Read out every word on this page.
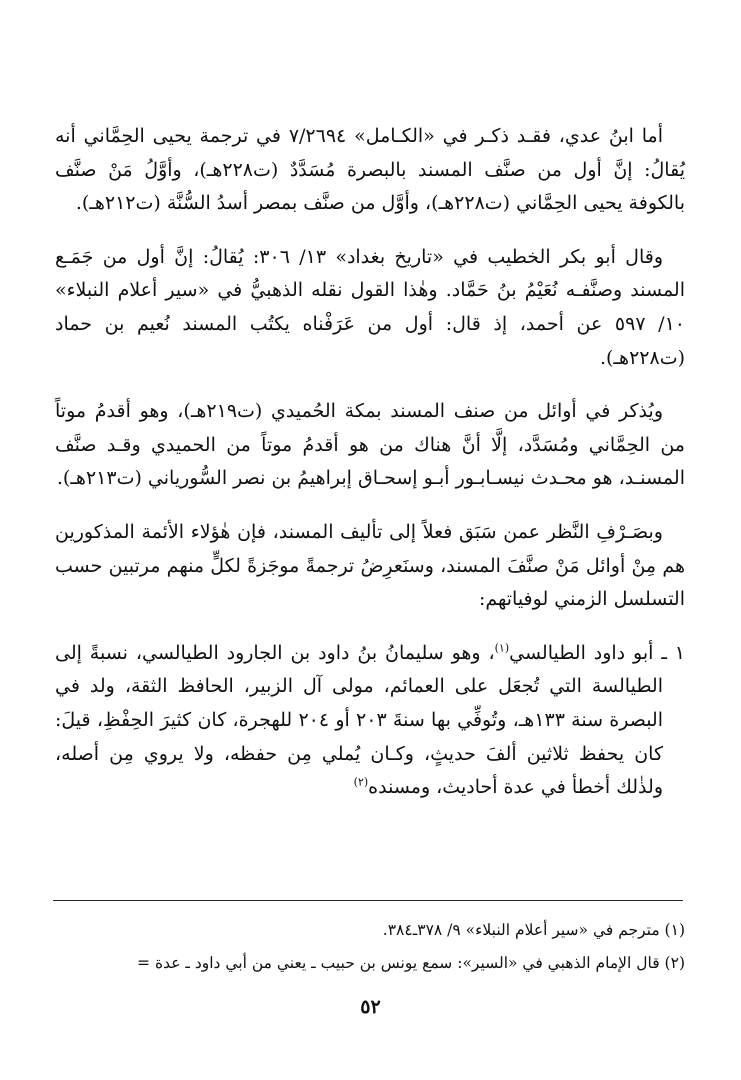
أما ابنُ عدي، فقـد ذكـر في «الكـامل» ٧/٢٦٩٤ في ترجمة يحيى الحِمَّاني أنه يُقالُ: إنَّ أول من صنَّف المسند بالبصرة مُسَدَّدٌ (ت٢٢٨هـ)، وأوَّلُ مَنْ صنَّف بالكوفة يحيى الحِمَّاني (ت٢٢٨هـ)، وأوَّل من صنَّف بمصر أسدُ السُّنَّة (ت٢١٢هـ).

وقال أبو بكر الخطيب في «تاريخ بغداد» ١٣/ ٣٠٦: يُقالُ: إنَّ أول من جَمَـع المسند وصنَّفـه نُعَيْمُ بنُ حَمَّاد. وهٰذا القول نقله الذهبيُّ في «سير أعلام النبلاء» ١٠/ ٥٩٧ عن أحمد، إذ قال: أول من عَرَفْناه يكتُب المسند نُعيم بن حماد (ت٢٢٨هـ).

ويُذكر في أوائل من صنف المسند بمكة الحُميدي (ت٢١٩هـ)، وهو أقدمُ موتاً من الحِمَّاني ومُسَدَّد، إلَّا أنَّ هناك من هو أقدمُ موتاً من الحميدي وقـد صنَّف المسنـد، هو محـدث نيسـابـور أبـو إسحـاق إبراهيمُ بن نصر السُّورياني (ت٢١٣هـ).

وبصَـرْفِ النَّظر عمن سَبَق فعلاً إلى تأليف المسند، فإن هٰؤلاء الأئمة المذكورين هم مِنْ أوائل مَنْ صنَّفَ المسند، وسنَعرِضُ ترجمةً موجَزةً لكلٍّ منهم مرتبين حسب التسلسل الزمني لوفياتهم:

١ ـ أبو داود الطيالسي$^{(١)}$، وهو سليمانُ بنُ داود بن الجارود الطيالسي، نسبةً إلى الطيالسة التي تُجعَل على العمائم، مولى آل الزبير، الحافظ الثقة، ولد في البصرة سنة ١٣٣هـ، وتُوفِّي بها سنةَ ٢٠٣ أو ٢٠٤ للهجرة، كان كثيرَ الحِفْظِ، قيلَ: كان يحفظ ثلاثين ألفَ حديثٍ، وكـان يُملي مِن حفظه، ولا يروي مِن أصله، ولذٰلك أخطأ في عدة أحاديث، ومسنده$^{(٢)}$

(١) مترجم في «سير أعلام النبلاء» ٩/ ٣٧٨ـ٣٨٤.

(٢) قال الإمام الذهبي في «السير»: سمع يونس بن حبيب ـ يعني من أبي داود ـ عدة =

٥٢
